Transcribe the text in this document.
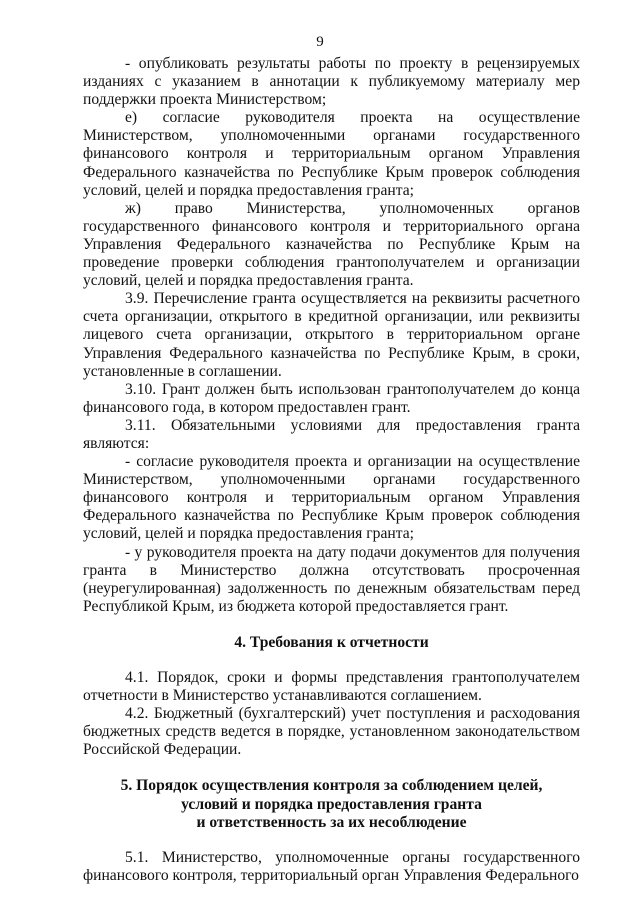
9

- опубликовать результаты работы по проекту в рецензируемых изданиях с указанием в аннотации к публикуемому материалу мер поддержки проекта Министерством;

е) согласие руководителя проекта на осуществление Министерством, уполномоченными органами государственного финансового контроля и территориальным органом Управления Федерального казначейства по Республике Крым проверок соблюдения условий, целей и порядка предоставления гранта;

ж) право Министерства, уполномоченных органов государственного финансового контроля и территориального органа Управления Федерального казначейства по Республике Крым на проведение проверки соблюдения грантополучателем и организации условий, целей и порядка предоставления гранта.

3.9. Перечисление гранта осуществляется на реквизиты расчетного счета организации, открытого в кредитной организации, или реквизиты лицевого счета организации, открытого в территориальном органе Управления Федерального казначейства по Республике Крым, в сроки, установленные в соглашении.

3.10. Грант должен быть использован грантополучателем до конца финансового года, в котором предоставлен грант.

3.11. Обязательными условиями для предоставления гранта являются:

- согласие руководителя проекта и организации на осуществление Министерством, уполномоченными органами государственного финансового контроля и территориальным органом Управления Федерального казначейства по Республике Крым проверок соблюдения условий, целей и порядка предоставления гранта;

- у руководителя проекта на дату подачи документов для получения гранта в Министерство должна отсутствовать просроченная (неурегулированная) задолженность по денежным обязательствам перед Республикой Крым, из бюджета которой предоставляется грант.

4. Требования к отчетности

4.1. Порядок, сроки и формы представления грантополучателем отчетности в Министерство устанавливаются соглашением.

4.2. Бюджетный (бухгалтерский) учет поступления и расходования бюджетных средств ведется в порядке, установленном законодательством Российской Федерации.

5. Порядок осуществления контроля за соблюдением целей,
условий и порядка предоставления гранта
и ответственность за их несоблюдение

5.1. Министерство, уполномоченные органы государственного финансового контроля, территориальный орган Управления Федерального
